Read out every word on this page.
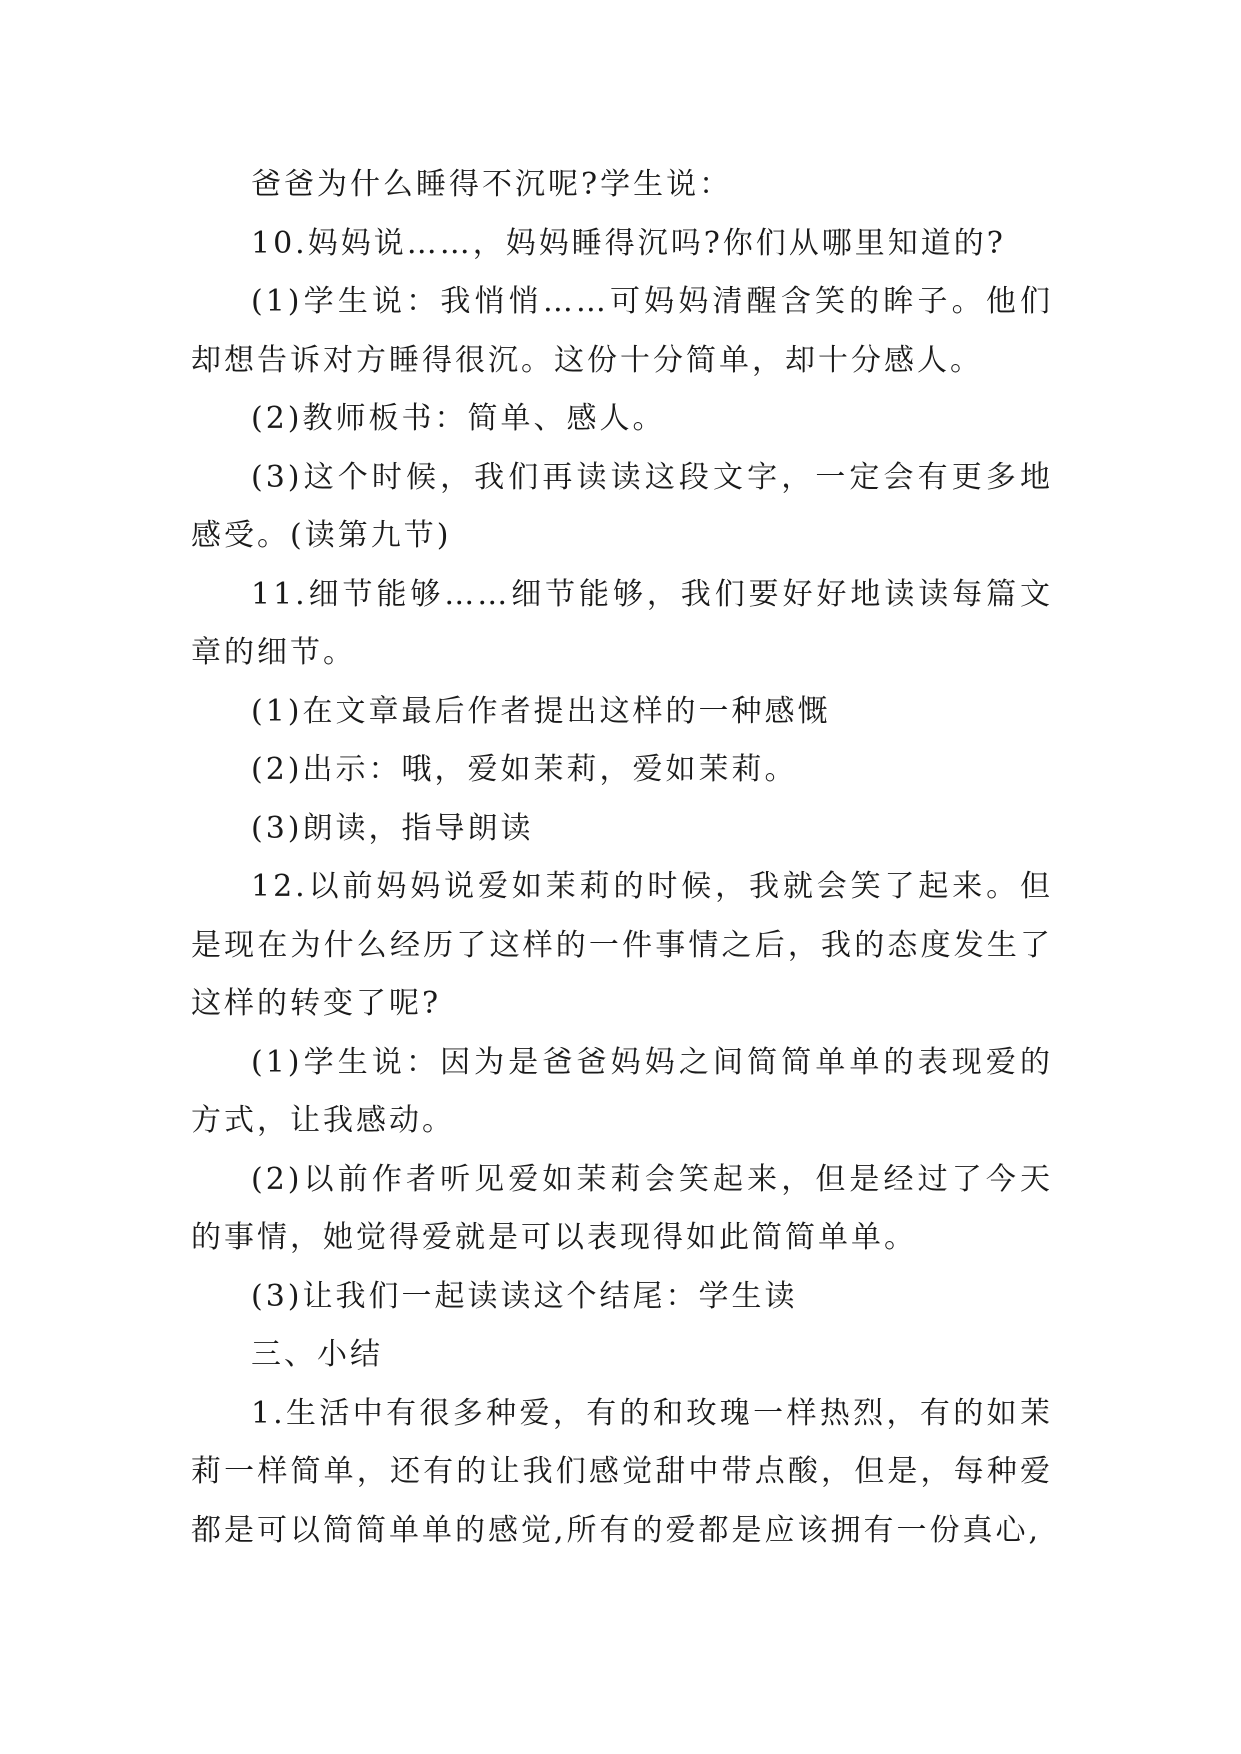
爸爸为什么睡得不沉呢?学生说：

10.妈妈说……，妈妈睡得沉吗?你们从哪里知道的?

(1)学生说：我悄悄……可妈妈清醒含笑的眸子。他们却想告诉对方睡得很沉。这份十分简单，却十分感人。

(2)教师板书：简单、感人。

(3)这个时候，我们再读读这段文字，一定会有更多地感受。(读第九节)

11.细节能够……细节能够，我们要好好地读读每篇文章的细节。

(1)在文章最后作者提出这样的一种感慨

(2)出示：哦，爱如茉莉，爱如茉莉。

(3)朗读，指导朗读

12.以前妈妈说爱如茉莉的时候，我就会笑了起来。但是现在为什么经历了这样的一件事情之后，我的态度发生了这样的转变了呢?

(1)学生说：因为是爸爸妈妈之间简简单单的表现爱的方式，让我感动。

(2)以前作者听见爱如茉莉会笑起来，但是经过了今天的事情，她觉得爱就是可以表现得如此简简单单。

(3)让我们一起读读这个结尾：学生读

三、小结

1.生活中有很多种爱，有的和玫瑰一样热烈，有的如茉莉一样简单，还有的让我们感觉甜中带点酸，但是，每种爱都是可以简简单单的感觉,所有的爱都是应该拥有一份真心,
